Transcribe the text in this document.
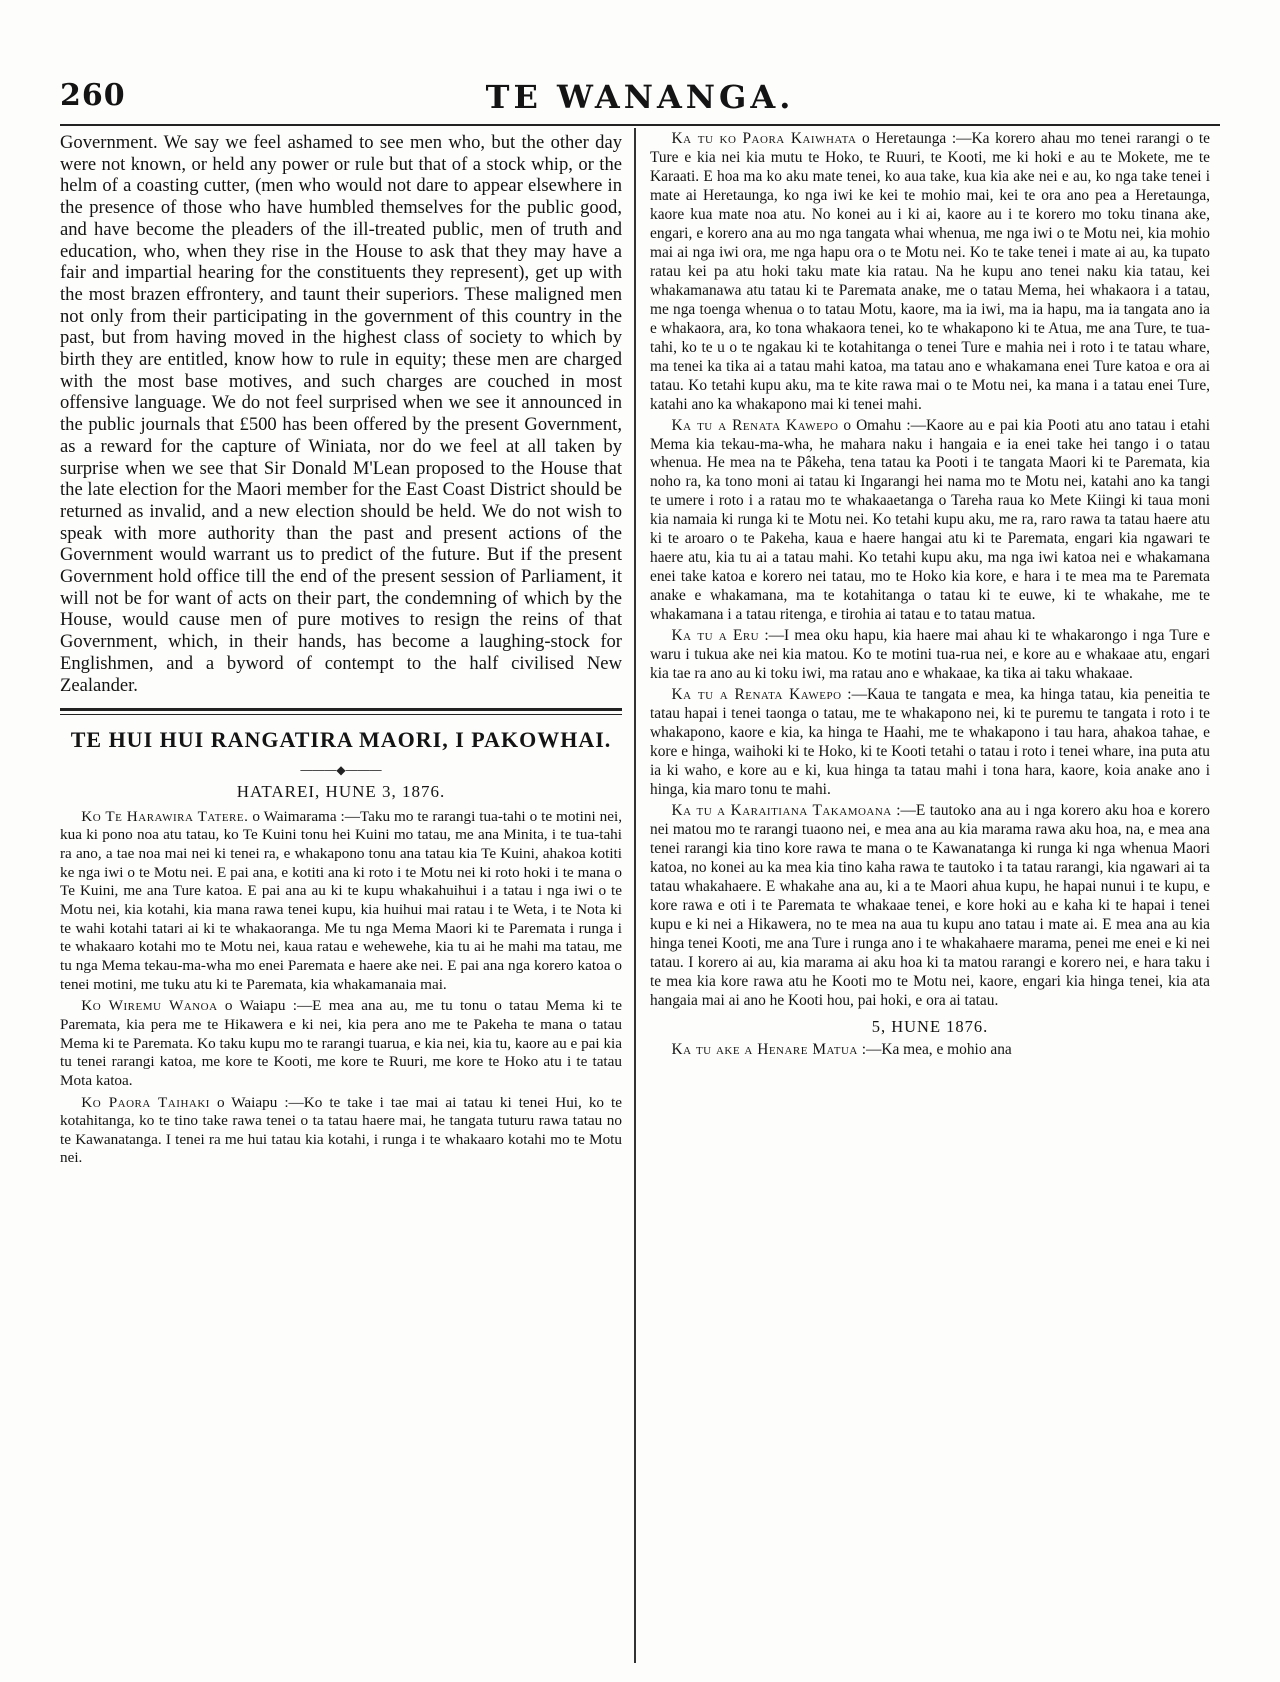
260	TE WANANGA.

Government. We say we feel ashamed to see men who, but the other day were not known, or held any power or rule but that of a stock whip, or the helm of a coasting cutter, (men who would not dare to appear elsewhere in the presence of those who have humbled themselves for the public good, and have become the pleaders of the ill-treated public, men of truth and education, who, when they rise in the House to ask that they may have a fair and impartial hearing for the constituents they represent), get up with the most brazen effrontery, and taunt their superiors. These maligned men not only from their participating in the government of this country in the past, but from having moved in the highest class of society to which by birth they are entitled, know how to rule in equity; these men are charged with the most base motives, and such charges are couched in most offensive language. We do not feel surprised when we see it announced in the public journals that £500 has been offered by the present Government, as a reward for the capture of Winiata, nor do we feel at all taken by surprise when we see that Sir Donald M'Lean proposed to the House that the late election for the Maori member for the East Coast District should be returned as invalid, and a new election should be held. We do not wish to speak with more authority than the past and present actions of the Government would warrant us to predict of the future. But if the present Government hold office till the end of the present session of Parliament, it will not be for want of acts on their part, the condemning of which by the House, would cause men of pure motives to resign the reins of that Government, which, in their hands, has become a laughing-stock for Englishmen, and a byword of contempt to the half civilised New Zealander.

TE HUI HUI RANGATIRA MAORI, I PAKOWHAI.
―――◆―――
HATAREI, HUNE 3, 1876.

Ko Te Harawira Tatere. o Waimarama :—Taku mo te rarangi tua-tahi o te motini nei, kua ki pono noa atu tatau, ko Te Kuini tonu hei Kuini mo tatau, me ana Minita, i te tua-tahi ra ano, a tae noa mai nei ki tenei ra, e whakapono tonu ana tatau kia Te Kuini, ahakoa kotiti ke nga iwi o te Motu nei. E pai ana, e kotiti ana ki roto i te Motu nei ki roto hoki i te mana o Te Kuini, me ana Ture katoa. E pai ana au ki te kupu whakahuihui i a tatau i nga iwi o te Motu nei, kia kotahi, kia mana rawa tenei kupu, kia huihui mai ratau i te Weta, i te Nota ki te wahi kotahi tatari ai ki te whakaoranga. Me tu nga Mema Maori ki te Paremata i runga i te whakaaro kotahi mo te Motu nei, kaua ratau e wehewehe, kia tu ai he mahi ma tatau, me tu nga Mema tekau-ma-wha mo enei Paremata e haere ake nei. E pai ana nga korero katoa o tenei motini, me tuku atu ki te Paremata, kia whakamanaia mai.

Ko Wiremu Wanoa o Waiapu :—E mea ana au, me tu tonu o tatau Mema ki te Paremata, kia pera me te Hikawera e ki nei, kia pera ano me te Pakeha te mana o tatau Mema ki te Paremata. Ko taku kupu mo te rarangi tuarua, e kia nei, kia tu, kaore au e pai kia tu tenei rarangi katoa, me kore te Kooti, me kore te Ruuri, me kore te Hoko atu i te tatau Mota katoa.

Ko Paora Taihaki o Waiapu :—Ko te take i tae mai ai tatau ki tenei Hui, ko te kotahitanga, ko te tino take rawa tenei o ta tatau haere mai, he tangata tuturu rawa tatau no te Kawanatanga. I tenei ra me hui tatau kia kotahi, i runga i te whakaaro kotahi mo te Motu nei.

Ka tu ko Paora Kaiwhata o Heretaunga :—Ka korero ahau mo tenei rarangi o te Ture e kia nei kia mutu te Hoko, te Ruuri, te Kooti, me ki hoki e au te Mokete, me te Karaati. E hoa ma ko aku mate tenei, ko aua take, kua kia ake nei e au, ko nga take tenei i mate ai Heretaunga, ko nga iwi ke kei te mohio mai, kei te ora ano pea a Heretaunga, kaore kua mate noa atu. No konei au i ki ai, kaore au i te korero mo toku tinana ake, engari, e korero ana au mo nga tangata whai whenua, me nga iwi o te Motu nei, kia mohio mai ai nga iwi ora, me nga hapu ora o te Motu nei. Ko te take tenei i mate ai au, ka tupato ratau kei pa atu hoki taku mate kia ratau. Na he kupu ano tenei naku kia tatau, kei whakamanawa atu tatau ki te Paremata anake, me o tatau Mema, hei whakaora i a tatau, me nga toenga whenua o to tatau Motu, kaore, ma ia iwi, ma ia hapu, ma ia tangata ano ia e whakaora, ara, ko tona whakaora tenei, ko te whakapono ki te Atua, me ana Ture, te tua-tahi, ko te u o te ngakau ki te kotahitanga o tenei Ture e mahia nei i roto i te tatau whare, ma tenei ka tika ai a tatau mahi katoa, ma tatau ano e whakamana enei Ture katoa e ora ai tatau. Ko tetahi kupu aku, ma te kite rawa mai o te Motu nei, ka mana i a tatau enei Ture, katahi ano ka whakapono mai ki tenei mahi.

Ka tu a Renata Kawepo o Omahu :—Kaore au e pai kia Pooti atu ano tatau i etahi Mema kia tekau-ma-wha, he mahara naku i hangaia e ia enei take hei tango i o tatau whenua. He mea na te Pâkeha, tena tatau ka Pooti i te tangata Maori ki te Paremata, kia noho ra, ka tono moni ai tatau ki Ingarangi hei nama mo te Motu nei, katahi ano ka tangi te umere i roto i a ratau mo te whakaaetanga o Tareha raua ko Mete Kiingi ki taua moni kia namaia ki runga ki te Motu nei. Ko tetahi kupu aku, me ra, raro rawa ta tatau haere atu ki te aroaro o te Pakeha, kaua e haere hangai atu ki te Paremata, engari kia ngawari te haere atu, kia tu ai a tatau mahi. Ko tetahi kupu aku, ma nga iwi katoa nei e whakamana enei take katoa e korero nei tatau, mo te Hoko kia kore, e hara i te mea ma te Paremata anake e whakamana, ma te kotahitanga o tatau ki te euwe, ki te whakahe, me te whakamana i a tatau ritenga, e tirohia ai tatau e to tatau matua.

Ka tu a Eru :—I mea oku hapu, kia haere mai ahau ki te whakarongo i nga Ture e waru i tukua ake nei kia matou. Ko te motini tua-rua nei, e kore au e whakaae atu, engari kia tae ra ano au ki toku iwi, ma ratau ano e whakaae, ka tika ai taku whakaae.

Ka tu a Renata Kawepo :—Kaua te tangata e mea, ka hinga tatau, kia peneitia te tatau hapai i tenei taonga o tatau, me te whakapono nei, ki te puremu te tangata i roto i te whakapono, kaore e kia, ka hinga te Haahi, me te whakapono i tau hara, ahakoa tahae, e kore e hinga, waihoki ki te Hoko, ki te Kooti tetahi o tatau i roto i tenei whare, ina puta atu ia ki waho, e kore au e ki, kua hinga ta tatau mahi i tona hara, kaore, koia anake ano i hinga, kia maro tonu te mahi.

Ka tu a Karaitiana Takamoana :—E tautoko ana au i nga korero aku hoa e korero nei matou mo te rarangi tuaono nei, e mea ana au kia marama rawa aku hoa, na, e mea ana tenei rarangi kia tino kore rawa te mana o te Kawanatanga ki runga ki nga whenua Maori katoa, no konei au ka mea kia tino kaha rawa te tautoko i ta tatau rarangi, kia ngawari ai ta tatau whakahaere. E whakahe ana au, ki a te Maori ahua kupu, he hapai nunui i te kupu, e kore rawa e oti i te Paremata te whakaae tenei, e kore hoki au e kaha ki te hapai i tenei kupu e ki nei a Hikawera, no te mea na aua tu kupu ano tatau i mate ai. E mea ana au kia hinga tenei Kooti, me ana Ture i runga ano i te whakahaere marama, penei me enei e ki nei tatau. I korero ai au, kia marama ai aku hoa ki ta matou rarangi e korero nei, e hara taku i te mea kia kore rawa atu he Kooti mo te Motu nei, kaore, engari kia hinga tenei, kia ata hangaia mai ai ano he Kooti hou, pai hoki, e ora ai tatau.

5, HUNE 1876.

Ka tu ake a Henare Matua :—Ka mea, e mohio ana
